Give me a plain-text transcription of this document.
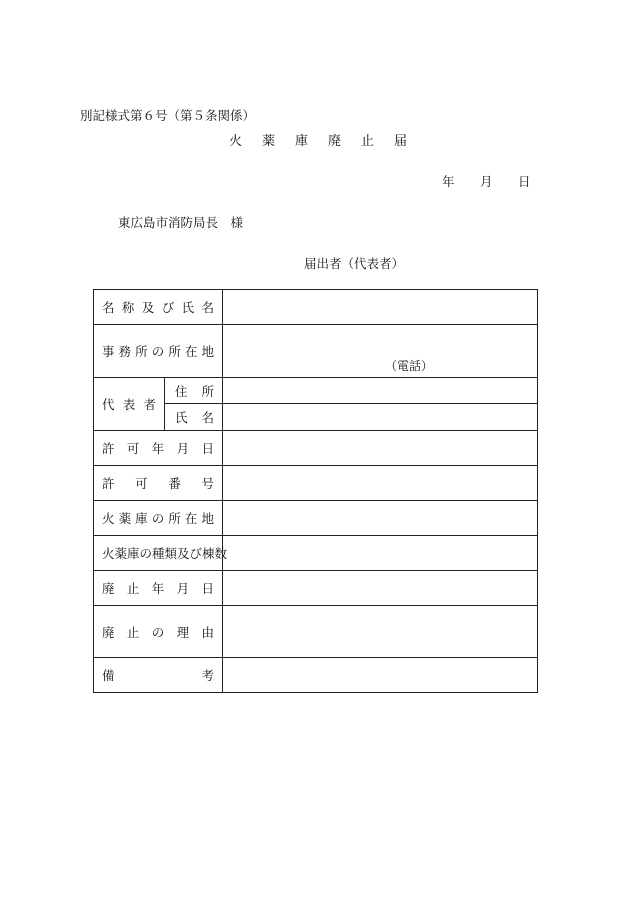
別記様式第６号（第５条関係）
火 薬 庫 廃 止 届
年 月 日
東広島市消防局長　様
届出者（代表者）
名称及び氏名		
事務所の所在地		（電話）

代表者	住所	
	氏名	
許可年月日		
許可番号		
火薬庫の所在地		
火薬庫の種類及び棟数		
廃止年月日		
廃止の理由		
備考		
